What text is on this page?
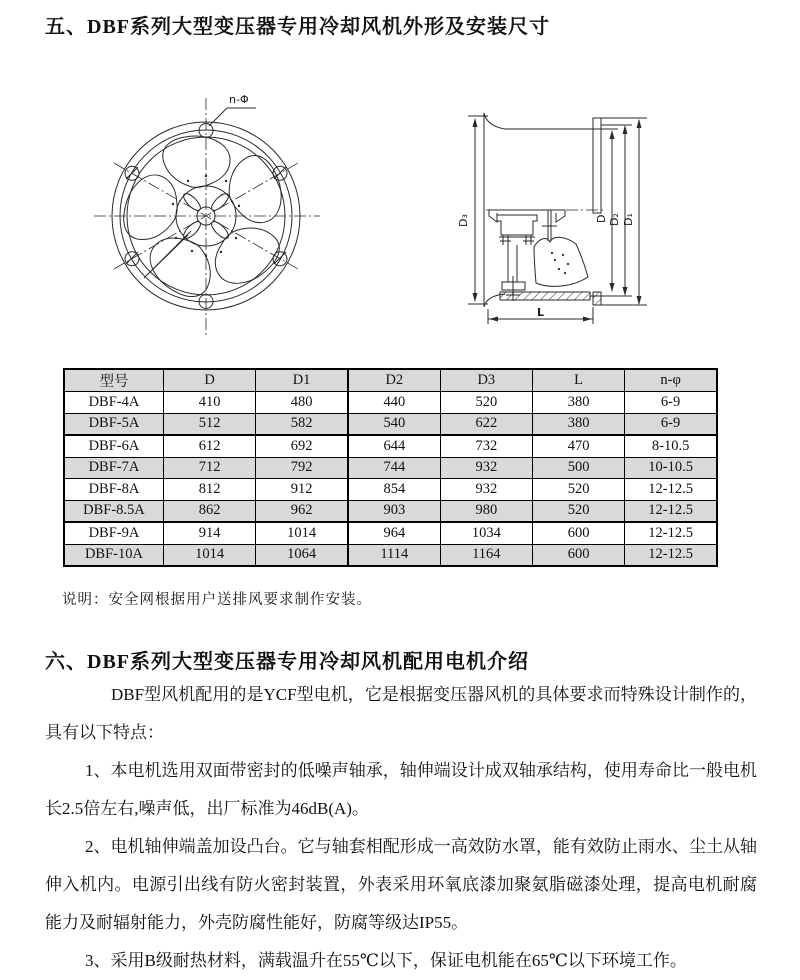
五、DBF系列大型变压器专用冷却风机外形及安装尺寸
n-Φ
D₃	D D₂ D₁
L
型号	D	D1	D2	D3	L	n-φ
DBF-4A	410	480	440	520	380	6-9
DBF-5A	512	582	540	622	380	6-9
DBF-6A	612	692	644	732	470	8-10.5
DBF-7A	712	792	744	932	500	10-10.5
DBF-8A	812	912	854	932	520	12-12.5
DBF-8.5A	862	962	903	980	520	12-12.5
DBF-9A	914	1014	964	1034	600	12-12.5
DBF-10A	1014	1064	1114	1164	600	12-12.5
说明：安全网根据用户送排风要求制作安装。
六、DBF系列大型变压器专用冷却风机配用电机介绍

DBF型风机配用的是YCF型电机，它是根据变压器风机的具体要求而特殊设计制作的，具有以下特点：

1、本电机选用双面带密封的低噪声轴承，轴伸端设计成双轴承结构，使用寿命比一般电机长2.5倍左右,噪声低，出厂标准为46dB(A)。

2、电机轴伸端盖加设凸台。它与轴套相配形成一高效防水罩，能有效防止雨水、尘土从轴伸入机内。电源引出线有防火密封装置，外表采用环氧底漆加聚氨脂磁漆处理，提高电机耐腐能力及耐辐射能力，外壳防腐性能好，防腐等级达IP55。

3、采用B级耐热材料，满载温升在55℃以下，保证电机能在65℃以下环境工作。
